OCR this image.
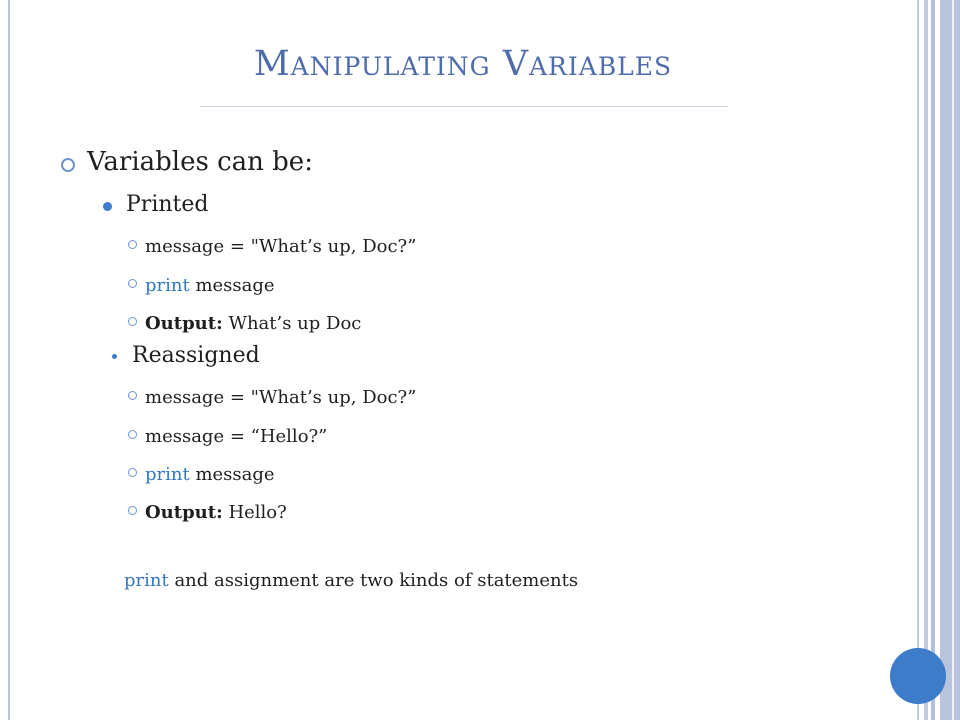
Manipulating Variables
Variables can be:
Printed
message = "What’s up, Doc?”
print message
Output: What’s up Doc
Reassigned
message = "What’s up, Doc?”
message = “Hello?”
print message
Output: Hello?
print and assignment are two kinds of statements
